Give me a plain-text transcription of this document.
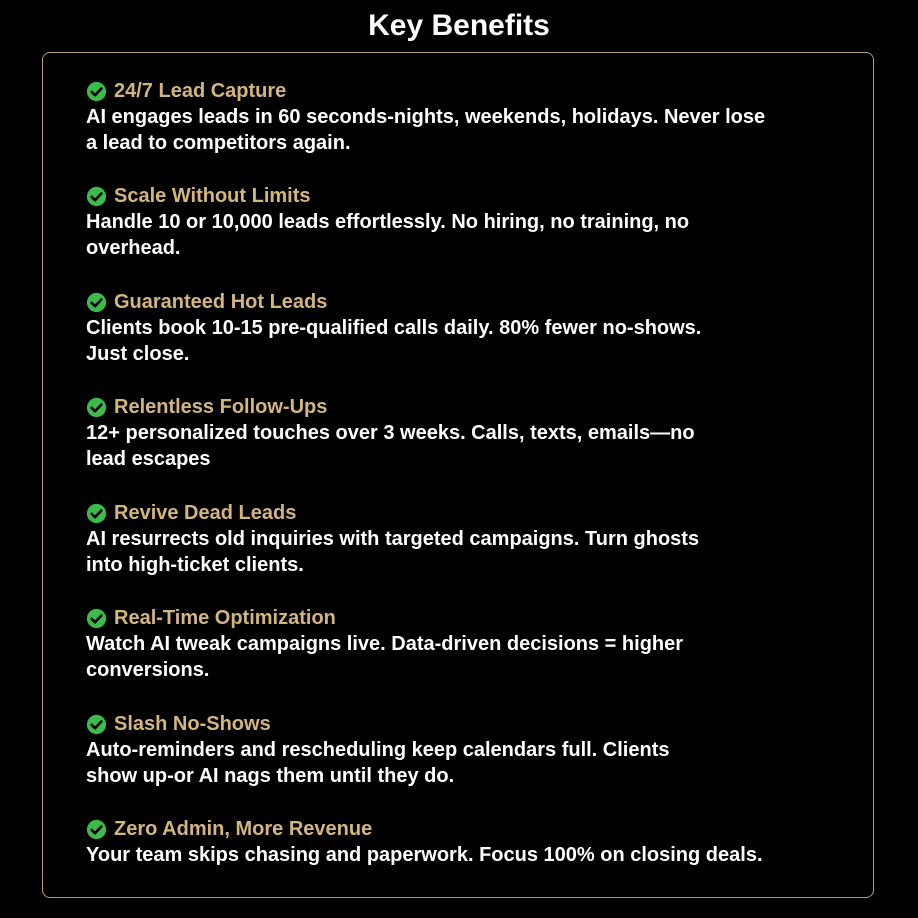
Key Benefits
24/7 Lead Capture
AI engages leads in 60 seconds-nights, weekends, holidays. Never lose
a lead to competitors again.
Scale Without Limits
Handle 10 or 10,000 leads effortlessly. No hiring, no training, no
overhead.
Guaranteed Hot Leads
Clients book 10-15 pre-qualified calls daily. 80% fewer no-shows.
Just close.
Relentless Follow-Ups
12+ personalized touches over 3 weeks. Calls, texts, emails—no
lead escapes
Revive Dead Leads
AI resurrects old inquiries with targeted campaigns. Turn ghosts
into high-ticket clients.
Real-Time Optimization
Watch AI tweak campaigns live. Data-driven decisions = higher
conversions.
Slash No-Shows
Auto-reminders and rescheduling keep calendars full. Clients
show up-or AI nags them until they do.
Zero Admin, More Revenue
Your team skips chasing and paperwork. Focus 100% on closing deals.
